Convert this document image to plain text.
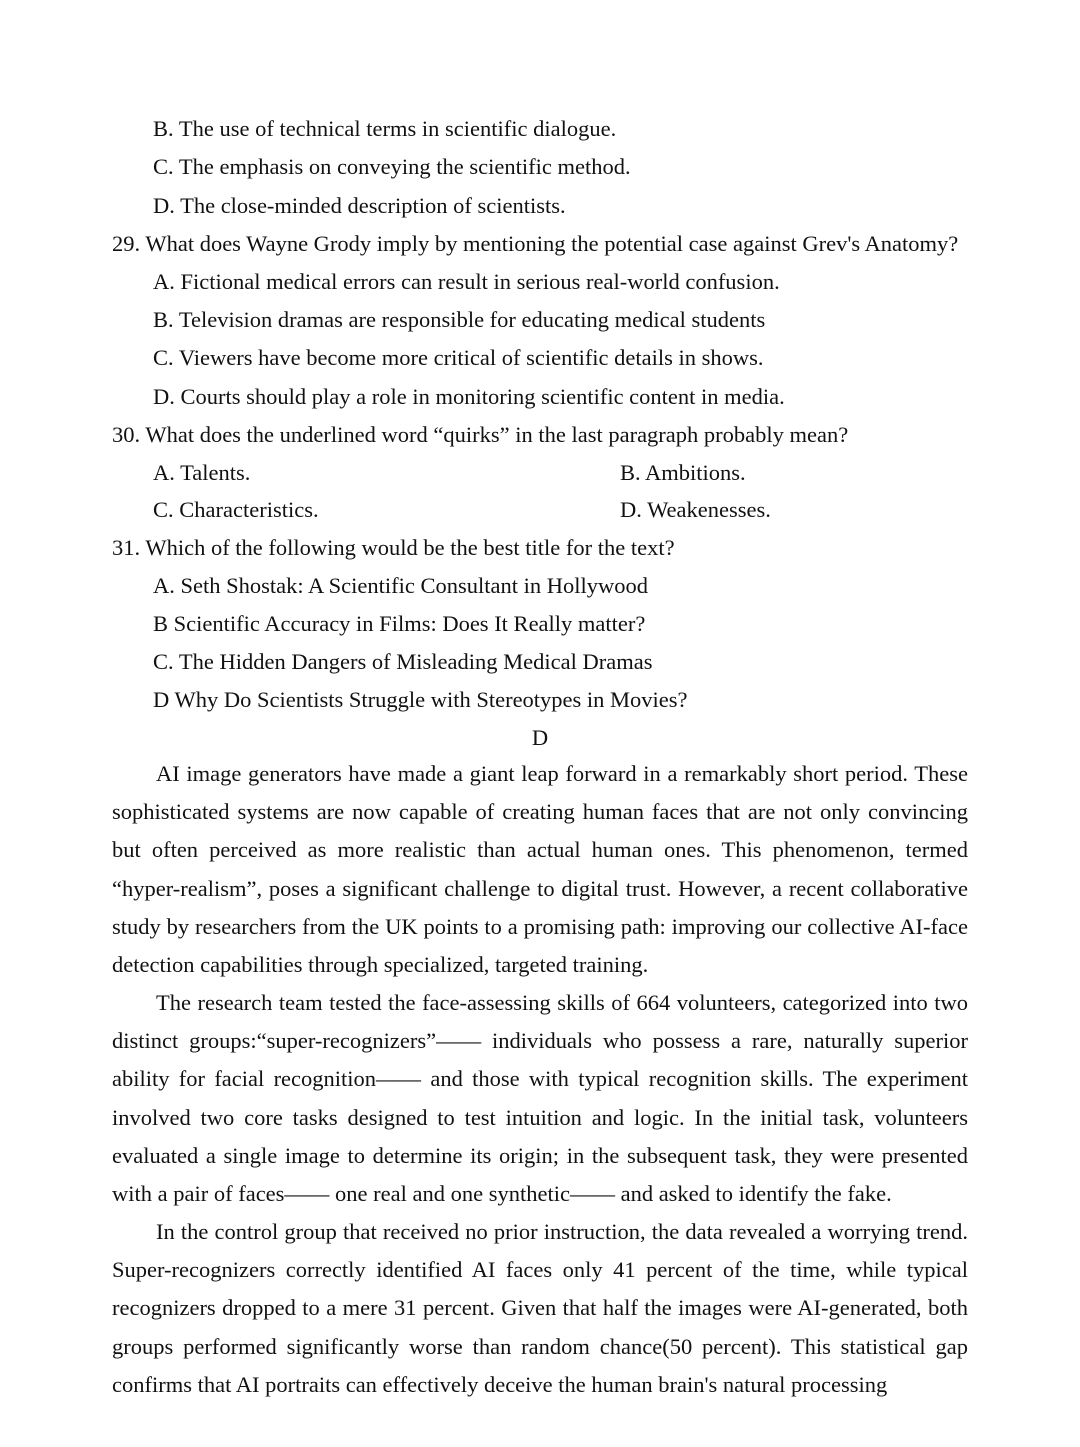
B. The use of technical terms in scientific dialogue.
C. The emphasis on conveying the scientific method.
D. The close-minded description of scientists.
29. What does Wayne Grody imply by mentioning the potential case against Grev's Anatomy?
A. Fictional medical errors can result in serious real-world confusion.
B. Television dramas are responsible for educating medical students
C. Viewers have become more critical of scientific details in shows.
D. Courts should play a role in monitoring scientific content in media.
30. What does the underlined word “quirks” in the last paragraph probably mean?
A. Talents.	B. Ambitions.
C. Characteristics.	D. Weakenesses.
31. Which of the following would be the best title for the text?
A. Seth Shostak: A Scientific Consultant in Hollywood
B Scientific Accuracy in Films: Does It Really matter?
C. The Hidden Dangers of Misleading Medical Dramas
D Why Do Scientists Struggle with Stereotypes in Movies?
D
AI image generators have made a giant leap forward in a remarkably short period. These sophisticated systems are now capable of creating human faces that are not only convincing but often perceived as more realistic than actual human ones. This phenomenon, termed “hyper-realism”, poses a significant challenge to digital trust. However, a recent collaborative study by researchers from the UK points to a promising path: improving our collective AI-face detection capabilities through specialized, targeted training.
The research team tested the face-assessing skills of 664 volunteers, categorized into two distinct groups:“super-recognizers”—— individuals who possess a rare, naturally superior ability for facial recognition—— and those with typical recognition skills. The experiment involved two core tasks designed to test intuition and logic. In the initial task, volunteers evaluated a single image to determine its origin; in the subsequent task, they were presented with a pair of faces—— one real and one synthetic—— and asked to identify the fake.
In the control group that received no prior instruction, the data revealed a worrying trend. Super-recognizers correctly identified AI faces only 41 percent of the time, while typical recognizers dropped to a mere 31 percent. Given that half the images were AI-generated, both groups performed significantly worse than random chance(50 percent). This statistical gap confirms that AI portraits can effectively deceive the human brain's natural processing
